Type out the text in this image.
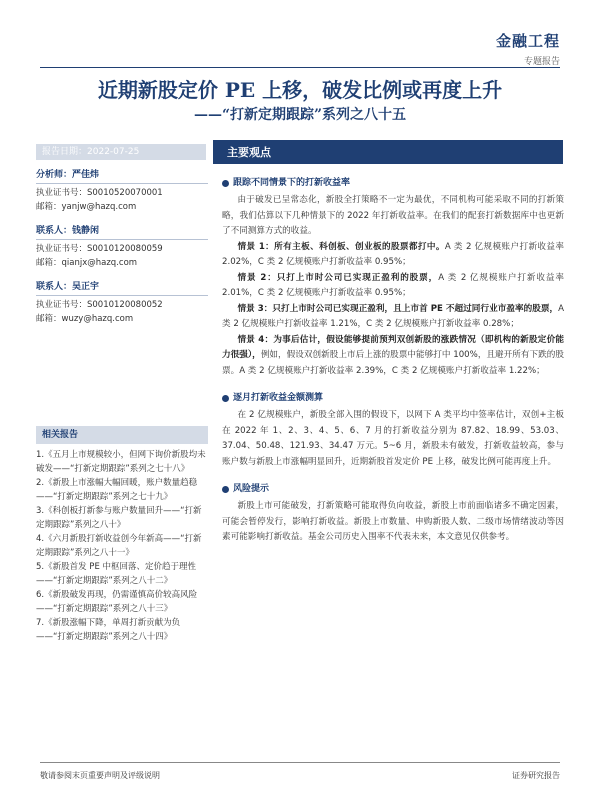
金融工程
专题报告
近期新股定价 PE 上移，破发比例或再度上升
——“打新定期跟踪”系列之八十五
报告日期：2022-07-25	主要观点
分析师：严佳炜
执业证书号：S0010520070001
邮箱：yanjw@hazq.com
联系人：钱静闲
执业证书号：S0010120080059
邮箱：qianjx@hazq.com
联系人：吴正宇
执业证书号：S0010120080052
邮箱：wuzy@hazq.com
相关报告
1.《五月上市规模较小，但网下询价新股均未破发——“打新定期跟踪”系列之七十八》
2.《新股上市涨幅大幅回暖，账户数量趋稳——“打新定期跟踪”系列之七十九》
3.《科创板打新参与账户数量回升——“打新定期跟踪”系列之八十》
4.《六月新股打新收益创今年新高——“打新定期跟踪”系列之八十一》
5.《新股首发 PE 中枢回落、定价趋于理性——“打新定期跟踪”系列之八十二》
6.《新股破发再现，仍需谨慎高价较高风险——“打新定期跟踪”系列之八十三》
7.《新股涨幅下降，单周打新贡献为负——“打新定期跟踪”系列之八十四》
跟踪不同情景下的打新收益率

由于破发已呈常态化，新股全打策略不一定为最优，不同机构可能采取不同的打新策略，我们估算以下几种情景下的 2022 年打新收益率。在我们的配套打新数据库中也更新了不同测算方式的收益。

情景 1：所有主板、科创板、创业板的股票都打中。A 类 2 亿规模账户打新收益率 2.02%，C 类 2 亿规模账户打新收益率 0.95%；

情景 2：只打上市时公司已实现正盈利的股票，A 类 2 亿规模账户打新收益率 2.01%，C 类 2 亿规模账户打新收益率 0.95%；

情景 3：只打上市时公司已实现正盈利，且上市首 PE 不超过同行业市盈率的股票，A 类 2 亿规模账户打新收益率 1.21%，C 类 2 亿规模账户打新收益率 0.28%；

情景 4：为事后估计，假设能够提前预判双创新股的涨跌情况（即机构的新股定价能力很强），例如，假设双创新股上市后上涨的股票中能够打中 100%，且避开所有下跌的股票。A 类 2 亿规模账户打新收益率 2.39%，C 类 2 亿规模账户打新收益率 1.22%；

逐月打新收益金额测算

在 2 亿规模账户，新股全部入围的假设下，以网下 A 类平均中签率估计，双创+主板在 2022 年 1、2、3、4、5、6、7 月的打新收益分别为 87.82、18.99、53.03、37.04、50.48、121.93、34.47 万元。5~6 月，新股未有破发，打新收益较高，参与账户数与新股上市涨幅明显回升，近期新股首发定价 PE 上移，破发比例可能再度上升。

风险提示

新股上市可能破发，打新策略可能取得负向收益，新股上市前面临诸多不确定因素，可能会暂停发行，影响打新收益。新股上市数量、申购新股人数、二级市场情绪波动等因素可能影响打新收益。基金公司历史入围率不代表未来，本文意见仅供参考。

敬请参阅末页重要声明及评级说明	证券研究报告
